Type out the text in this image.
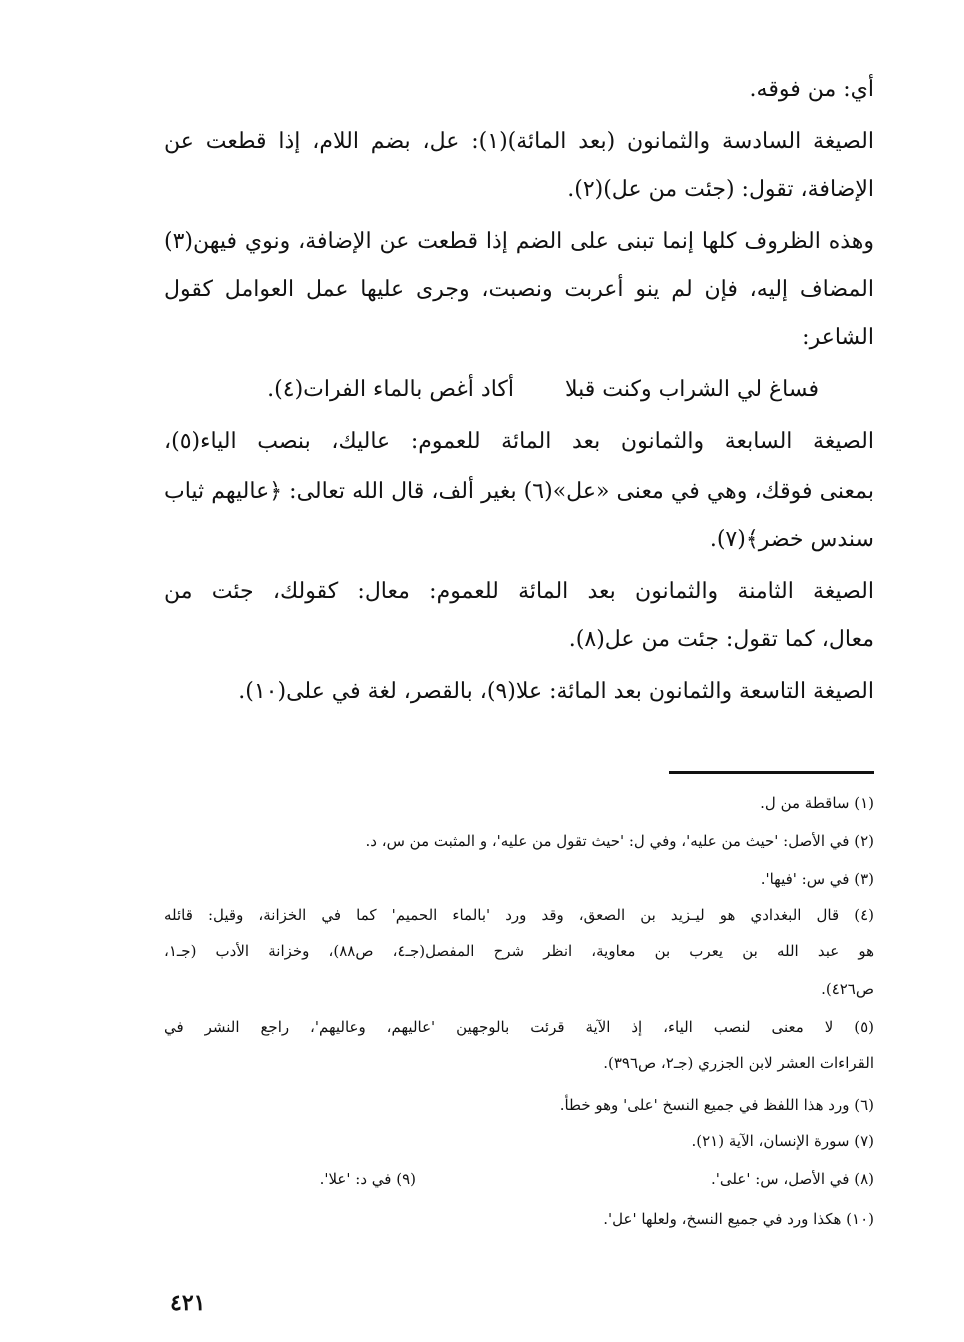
أي: من فوقه.
الصيغة السادسة والثمانون (بعد المائة)(١): عل، بضم اللام، إذا قطعت عن
الإضافة، تقول: (جئت من عل)(٢).
وهذه الظروف كلها إنما تبنى على الضم إذا قطعت عن الإضافة، ونوي فيهن(٣)
المضاف إليه، فإن لم ينو أعربت ونصبت، وجرى عليها عمل العوامل كقول
الشاعر:
فساغ لي الشراب وكنت قبلا
أكاد أغص بالماء الفرات(٤).
الصيغة السابعة والثمانون بعد المائة للعموم: عاليك، بنصب الياء(٥)،
بمعنى فوقك، وهي في معنى «عل»(٦) بغير ألف، قال الله تعالى: ﴿عاليهم ثياب
سندس خضر﴾(٧).
الصيغة الثامنة والثمانون بعد المائة للعموم: معال: كقولك، جئت من
معال، كما تقول: جئت من عل(٨).
الصيغة التاسعة والثمانون بعد المائة: علا(٩)، بالقصر، لغة في على(١٠).
(١) ساقطة من ل.
(٢) في الأصل: 'حيث من عليه'، وفي ل: 'حيث تقول من عليه'، و المثبت من س، د.
(٣) في س: 'فيها'.
(٤) قال البغدادي هو ليـزيد بن الصعق، وقد ورد 'بالماء الحميم' كما في الخزانة، وقيل: قائله
هو عبد الله بن يعرب بن معاوية، انظر شرح المفصل(جـ٤، ص٨٨)، وخزانة الأدب (جـ١،
ص٤٢٦).
(٥) لا معنى لنصب الياء، إذ الآية قرئت بالوجهين 'عاليهم، وعاليهم'، راجع النشر في
القراءات العشر لابن الجزري (جـ٢، ص٣٩٦).
(٦) ورد هذا اللفظ في جميع النسخ 'على' وهو خطأ.
(٧) سورة الإنسان، الآية (٢١).
(٨) في الأصل، س: 'على'.
(٩) في د: 'علا'.
(١٠) هكذا ورد في جميع النسخ، ولعلها 'عل'.
٤٢١
